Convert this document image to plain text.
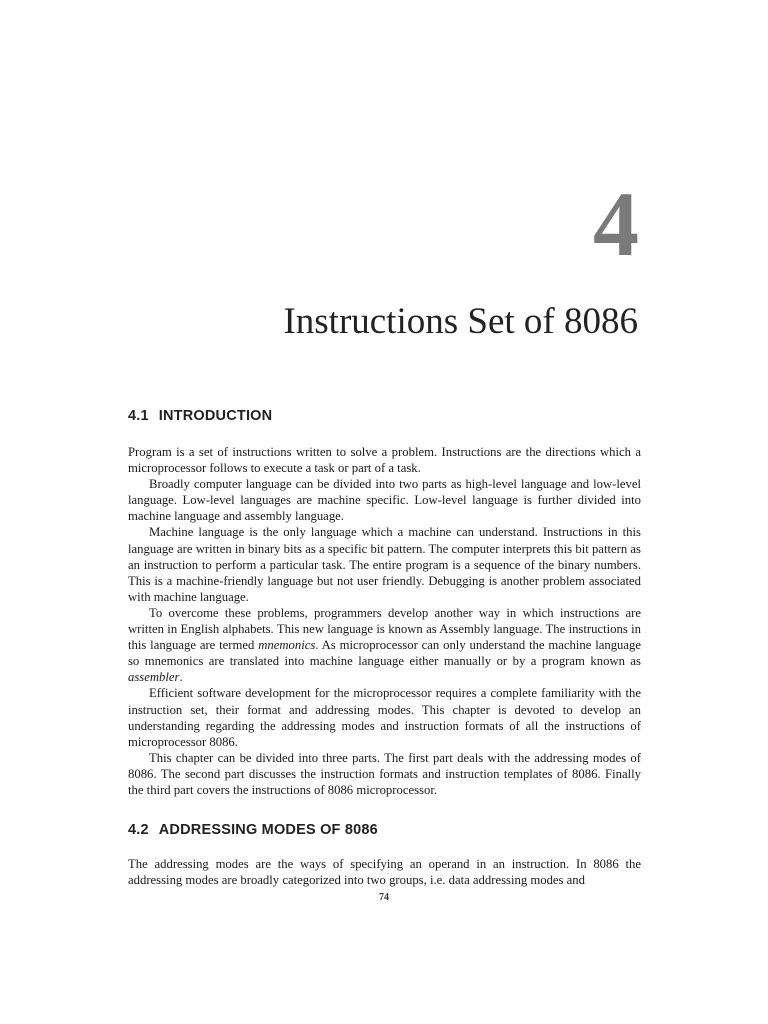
4
Instructions Set of 8086
4.1 INTRODUCTION

Program is a set of instructions written to solve a problem. Instructions are the directions which a microprocessor follows to execute a task or part of a task.

Broadly computer language can be divided into two parts as high-level language and low-level language. Low-level languages are machine specific. Low-level language is further divided into machine language and assembly language.

Machine language is the only language which a machine can understand. Instructions in this language are written in binary bits as a specific bit pattern. The computer interprets this bit pattern as an instruction to perform a particular task. The entire program is a sequence of the binary numbers. This is a machine-friendly language but not user friendly. Debugging is another problem associated with machine language.

To overcome these problems, programmers develop another way in which instructions are written in English alphabets. This new language is known as Assembly language. The instructions in this language are termed mnemonics. As microprocessor can only understand the machine language so mnemonics are translated into machine language either manually or by a program known as assembler.

Efficient software development for the microprocessor requires a complete familiarity with the instruction set, their format and addressing modes. This chapter is devoted to develop an understanding regarding the addressing modes and instruction formats of all the instructions of microprocessor 8086.

This chapter can be divided into three parts. The first part deals with the addressing modes of 8086. The second part discusses the instruction formats and instruction templates of 8086. Finally the third part covers the instructions of 8086 microprocessor.

4.2 ADDRESSING MODES OF 8086

The addressing modes are the ways of specifying an operand in an instruction. In 8086 the addressing modes are broadly categorized into two groups, i.e. data addressing modes and

74
